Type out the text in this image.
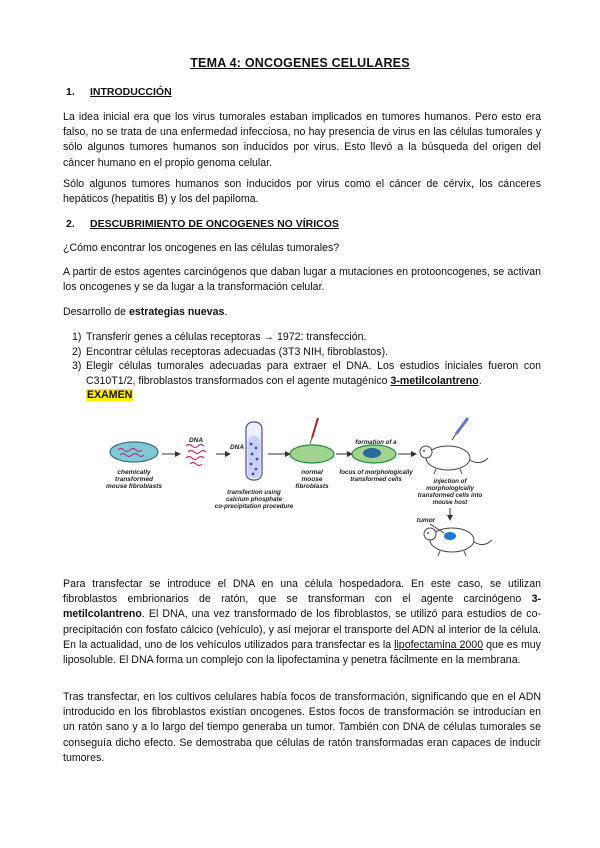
TEMA 4: ONCOGENES CELULARES
1. INTRODUCCIÓN

La idea inicial era que los virus tumorales estaban implicados en tumores humanos. Pero esto era falso, no se trata de una enfermedad infecciosa, no hay presencia de virus en las células tumorales y sólo algunos tumores humanos son inducidos por virus. Esto llevó a la búsqueda del origen del cáncer humano en el propio genoma celular.

Sólo algunos tumores humanos son inducidos por virus como el cáncer de cérvix, los cánceres hepáticos (hepatitis B) y los del papiloma.

2. DESCUBRIMIENTO DE ONCOGENES NO VÍRICOS

¿Cómo encontrar los oncogenes en las células tumorales?

A partir de estos agentes carcinógenos que daban lugar a mutaciones en protooncogenes, se activan los oncogenes y se da lugar a la transformación celular.

Desarrollo de estrategias nuevas.

1) Transferir genes a células receptoras → 1972: transfección.
2) Encontrar células receptoras adecuadas (3T3 NIH, fibroblastos).
3) Elegir células tumorales adecuadas para extraer el DNA. Los estudios iniciales fueron con C310T1/2, fibroblastos transformados con el agente mutagénico 3-metilcolantreno.
EXAMEN
chemically
transformed
mouse fibroblasts
DNA
DNA
transfection using
calcium phosphate
co-precipitation procedure
normal
mouse
fibroblasts
formation of a
focus of morphologically
transformed cells	injection of
morphologically
transformed cells into
mouse host
tumor

Para transfectar se introduce el DNA en una célula hospedadora. En este caso, se utilizan fibroblastos embrionarios de ratón, que se transforman con el agente carcinógeno 3-metilcolantreno. El DNA, una vez transformado de los fibroblastos, se utilizó para estudios de co-precipitación con fosfato cálcico (vehículo), y así mejorar el transporte del ADN al interior de la célula. En la actualidad, uno de los vehículos utilizados para transfectar es la lipofectamina 2000 que es muy liposoluble. El DNA forma un complejo con la lipofectamina y penetra fácilmente en la membrana.

Tras transfectar, en los cultivos celulares había focos de transformación, significando que en el ADN introducido en los fibroblastos existían oncogenes. Estos focos de transformación se introducían en un ratón sano y a lo largo del tiempo generaba un tumor. También con DNA de células tumorales se conseguía dicho efecto. Se demostraba que células de ratón transformadas eran capaces de inducir tumores.
